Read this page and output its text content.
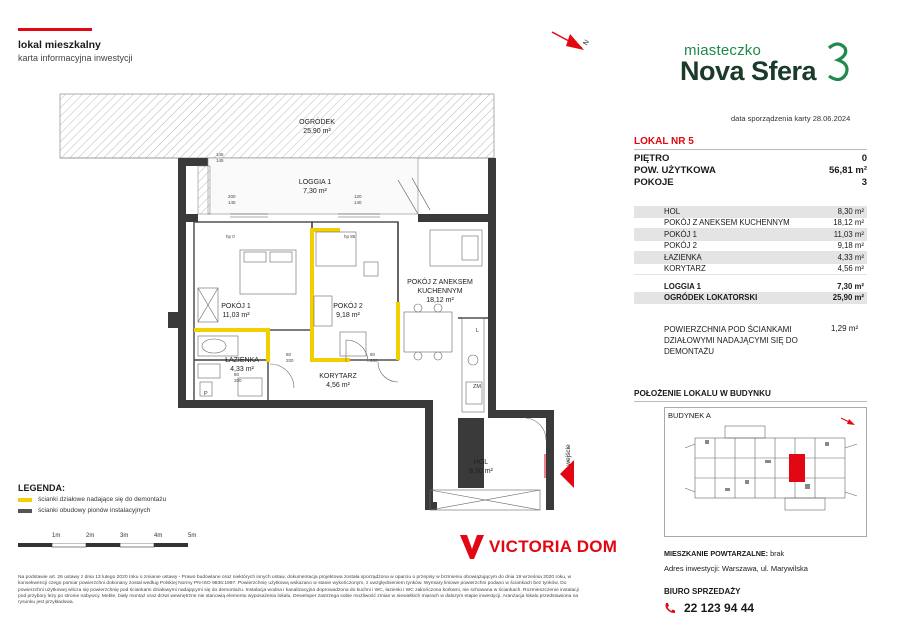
lokal mieszkalny
karta informacyjna inwestycji
N	miasteczko
Nova Sfera
data sporządzenia karty 28.06.2024
LOKAL NR 5
PIĘTRO	0
POW. UŻYTKOWA	56,81 m²
POKOJE	3
HOL	8,30 m²
POKÓJ Z ANEKSEM KUCHENNYM	18,12 m²
POKÓJ 1	11,03 m²
POKÓJ 2	9,18 m²
ŁAZIENKA	4,33 m²
KORYTARZ	4,56 m²
LOGGIA 1	7,30 m²
OGRÓDEK LOKATORSKI	25,90 m²
POWIERZCHNIA POD ŚCIANKAMI DZIAŁOWYMI NADAJĄCYMI SIĘ DO DEMONTAŻU
1,29 m²
POŁOŻENIE LOKALU W BUDYNKU
BUDYNEK A
MIESZKANIE POWTARZALNE: brak
Adres inwestycji: Warszawa, ul. Marywilska
BIURO SPRZEDAŻY
22 123 94 44
L
ZM
P
OGRÓDEK
25,90 m²
LOGGIA 1
7,30 m²
POKÓJ 1
11,03 m²
POKÓJ 2
9,18 m²
POKÓJ Z ANEKSEM
KUCHENNYM
18,12 m²
ŁAZIENKA
4,33 m²
KORYTARZ
4,56 m²
HOL
8,30 m²
wejście
hp 0	hp 85
80
200
80
200
80
200
200
145
120
140
145
145
LEGENDA:
ścianki działowe nadające się do demontażu
ścianki obudowy pionów instalacyjnych
1m	2m	3m	4m	5m
VICTORIA DOM
Na podstawie art. 26 ustawy z dnia 13 lutego 2020 roku o zmianie ustawy - Prawo budowlane oraz niektórych innych ustaw, dokumentacja projektowa została sporządzona w oparciu o przepisy w brzmieniu obowiązującym do dnia 19 września 2020 roku, w konsekwencji czego pomiar powierzchni dokonany został według Polskiej Normy PN-ISO 9836:1997. Powierzchnię użytkową wskazano w stanie wykończonym, z uwzględnieniem tynków. Wymiary liniowe powierzchni podano w ściankach bez tynków. Do powierzchni użytkowej wlicza się powierzchnię pod ściankami działowymi nadającymi się do demontażu. Instalacja wodna i kanalizacyjna doprowadzona do kuchni i WC, łazienki i WC zakończona korkami, nie schowana w ściankach. Rozmieszczenie instalacji pod przybory leży po stronie nabywcy. Meble, biały montaż oraz drzwi wewnętrzne nie stanowią elementu wyposażenia lokalu. Deweloper zastrzega sobie możliwość zmian w niewielkich miarach w dalszym etapie inwestycji. Aranżacja lokalu przedstawiona na rysunku jest przykładowa.
